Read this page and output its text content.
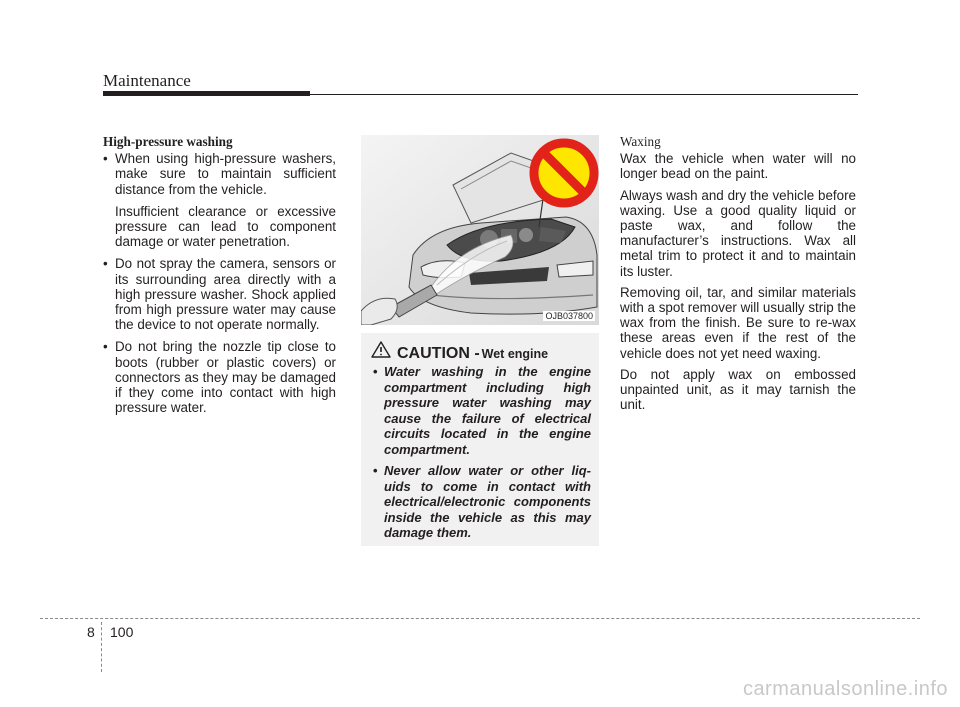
Maintenance
High-pressure washing

• When using high-pressure washers, make sure to maintain sufficient distance from the vehicle.

Insufficient clearance or excessive pressure can lead to component damage or water penetration.

• Do not spray the camera, sensors or its surrounding area directly with a high pressure washer. Shock applied from high pressure water may cause the device to not operate normally.

• Do not bring the nozzle tip close to boots (rubber or plastic covers) or connectors as they may be damaged if they come into contact with high pressure water.

OJB037800
CAUTION - Wet engine
• Water washing in the engine compartment including high pressure water washing may cause the failure of electrical circuits located in the engine compartment.
• Never allow water or other liquids to come in contact with electrical/electronic components inside the vehicle as this may damage them.
Waxing

Wax the vehicle when water will no longer bead on the paint.

Always wash and dry the vehicle before waxing. Use a good quality liquid or paste wax, and follow the manufacturer’s instructions. Wax all metal trim to protect it and to maintain its luster.

Removing oil, tar, and similar materials with a spot remover will usually strip the wax from the finish. Be sure to re-wax these areas even if the rest of the vehicle does not yet need waxing.

Do not apply wax on embossed unpainted unit, as it may tarnish the unit.

8 100
carmanualsonline.info
